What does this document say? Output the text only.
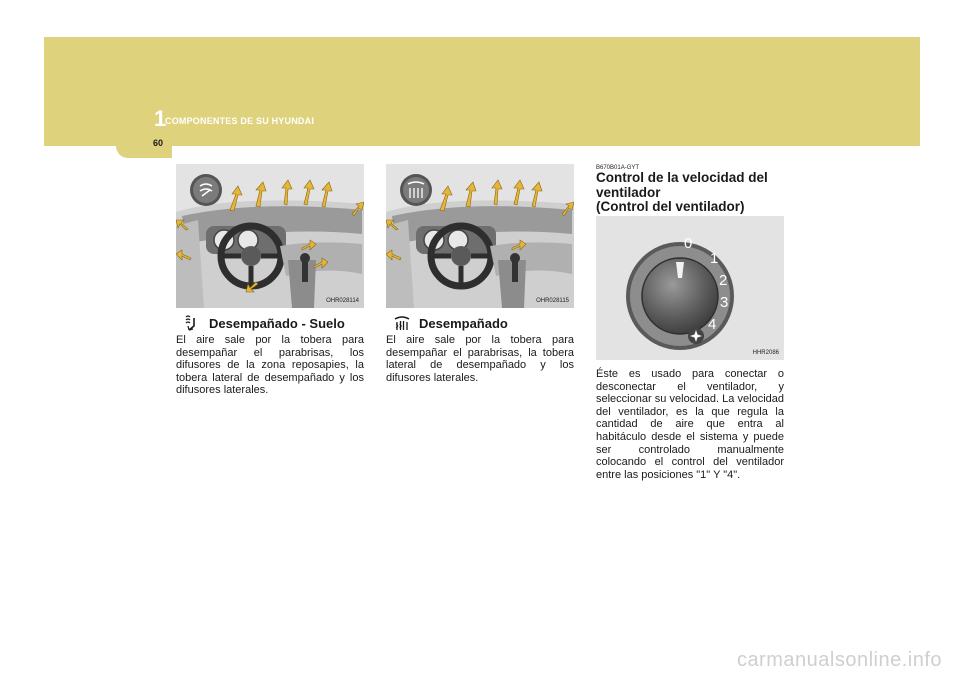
1
COMPONENTES DE SU HYUNDAI
60
OHR028114
Desempañado - Suelo
El aire sale por la tobera para desempañar el parabrisas, los difusores de la zona reposapies, la tobera lateral de desempañado y los difusores laterales.
OHR028115
Desempañado
El aire sale por la tobera para desempañar el parabrisas, la tobera lateral de desempañado y los difusores laterales.
B670B01A-GYT
Control de la velocidad del
ventilador
(Control del ventilador)
0
1
2
3
4
HHR2086
Éste es usado para conectar o desconectar el ventilador, y seleccionar su velocidad. La velocidad del ventilador, es la que regula la cantidad de aire que entra al habitáculo desde el sistema y puede ser controlado manualmente colocando el control del ventilador entre las posiciones "1" Y "4".
carmanualsonline.info
